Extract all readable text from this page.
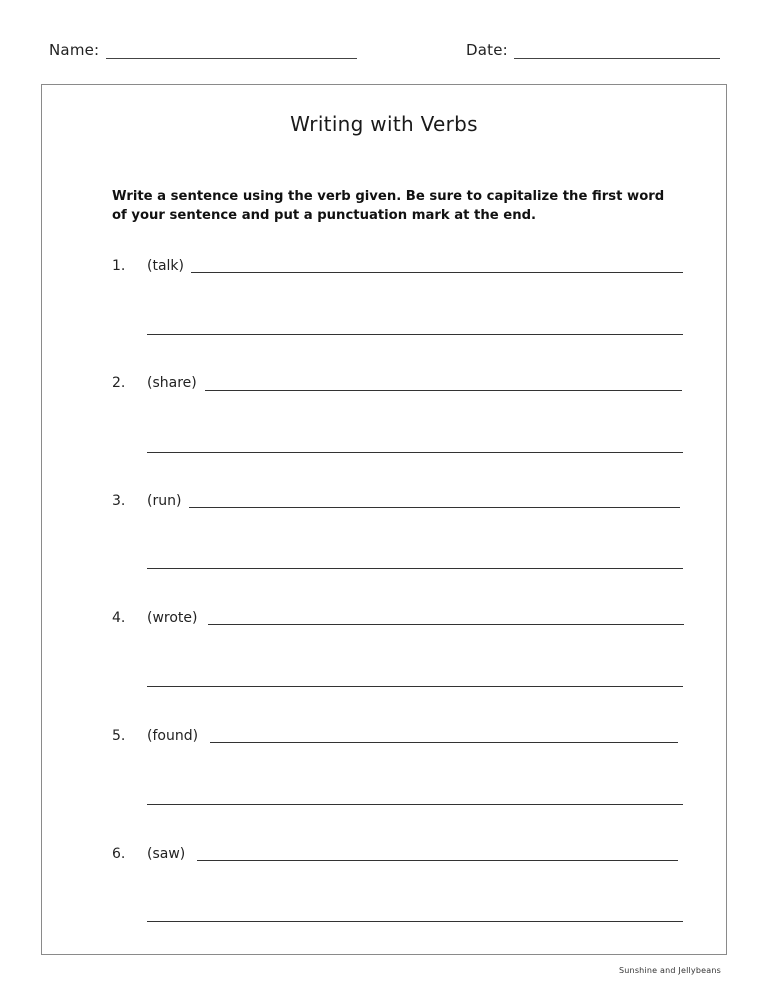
Name:	Date:
Writing with Verbs
Write a sentence using the verb given. Be sure to capitalize the first word of your sentence and put a punctuation mark at the end.
1. (talk)
2. (share)
3. (run)
4. (wrote)
5. (found)
6. (saw)
Sunshine and Jellybeans
